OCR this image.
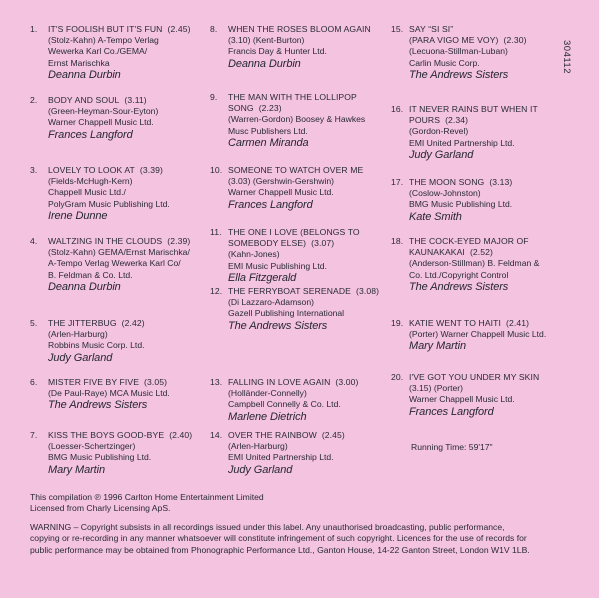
304112
1.	IT'S FOOLISH BUT IT'S FUN (2.45)
(Stolz-Kahn) A-Tempo Verlag
Wewerka Karl Co./GEMA/
Ernst Marischka
Deanna Durbin
2.	BODY AND SOUL (3.11)
(Green-Heyman-Sour-Eyton)
Warner Chappell Music Ltd.
Frances Langford
3.	LOVELY TO LOOK AT (3.39)
(Fields-McHugh-Kern)
Chappell Music Ltd./
PolyGram Music Publishing Ltd.
Irene Dunne
4.	WALTZING IN THE CLOUDS (2.39)
(Stolz-Kahn) GEMA/Ernst Marischka/
A-Tempo Verlag Wewerka Karl Co/
B. Feldman & Co. Ltd.
Deanna Durbin
5.	THE JITTERBUG (2.42)
(Arlen-Harburg)
Robbins Music Corp. Ltd.
Judy Garland
6.	MISTER FIVE BY FIVE (3.05)
(De Paul-Raye) MCA Music Ltd.
The Andrews Sisters
7.	KISS THE BOYS GOOD-BYE (2.40)
(Loesser-Schertzinger)
BMG Music Publishing Ltd.
Mary Martin
8.	WHEN THE ROSES BLOOM AGAIN
(3.10) (Kent-Burton)
Francis Day & Hunter Ltd.
Deanna Durbin
9.	THE MAN WITH THE LOLLIPOP
SONG (2.23)
(Warren-Gordon) Boosey & Hawkes
Musc Publishers Ltd.
Carmen Miranda
10. SOMEONE TO WATCH OVER ME
(3.03) (Gershwin-Gershwin)
Warner Chappell Music Ltd.
Frances Langford
11. THE ONE I LOVE (BELONGS TO
SOMEBODY ELSE) (3.07)
(Kahn-Jones)
EMI Music Publishing Ltd.
Ella Fitzgerald
12. THE FERRYBOAT SERENADE (3.08)
(Di Lazzaro-Adamson)
Gazell Publishing International
The Andrews Sisters
13. FALLING IN LOVE AGAIN (3.00)
(Holländer-Connelly)
Campbell Connelly & Co. Ltd.
Marlene Dietrich
14. OVER THE RAINBOW (2.45)
(Arlen-Harburg)
EMI United Partnership Ltd.
Judy Garland
15. SAY “SI SI”
(PARA VIGO ME VOY) (2.30)
(Lecuona-Stillman-Luban)
Carlin Music Corp.
The Andrews Sisters
16. IT NEVER RAINS BUT WHEN IT
POURS (2.34)
(Gordon-Revel)
EMI United Partnership Ltd.
Judy Garland
17. THE MOON SONG (3.13)
(Coslow-Johnston)
BMG Music Publishing Ltd.
Kate Smith
18. THE COCK-EYED MAJOR OF
KAUNAKAKAI (2.52)
(Anderson-Stillman) B. Feldman &
Co. Ltd./Copyright Control
The Andrews Sisters
19. KATIE WENT TO HAITI (2.41)
(Porter) Warner Chappell Music Ltd.
Mary Martin
20. I'VE GOT YOU UNDER MY SKIN
(3.15) (Porter)
Warner Chappell Music Ltd.
Frances Langford
Running Time: 59'17"
This compilation ℗ 1996 Carlton Home Entertainment Limited
Licensed from Charly Licensing ApS.
WARNING – Copyright subsists in all recordings issued under this label. Any unauthorised broadcasting, public performance,
copying or re-recording in any manner whatsoever will constitute infringement of such copyright. Licences for the use of records for
public performance may be obtained from Phonographic Performance Ltd., Ganton House, 14-22 Ganton Street, London W1V 1LB.
